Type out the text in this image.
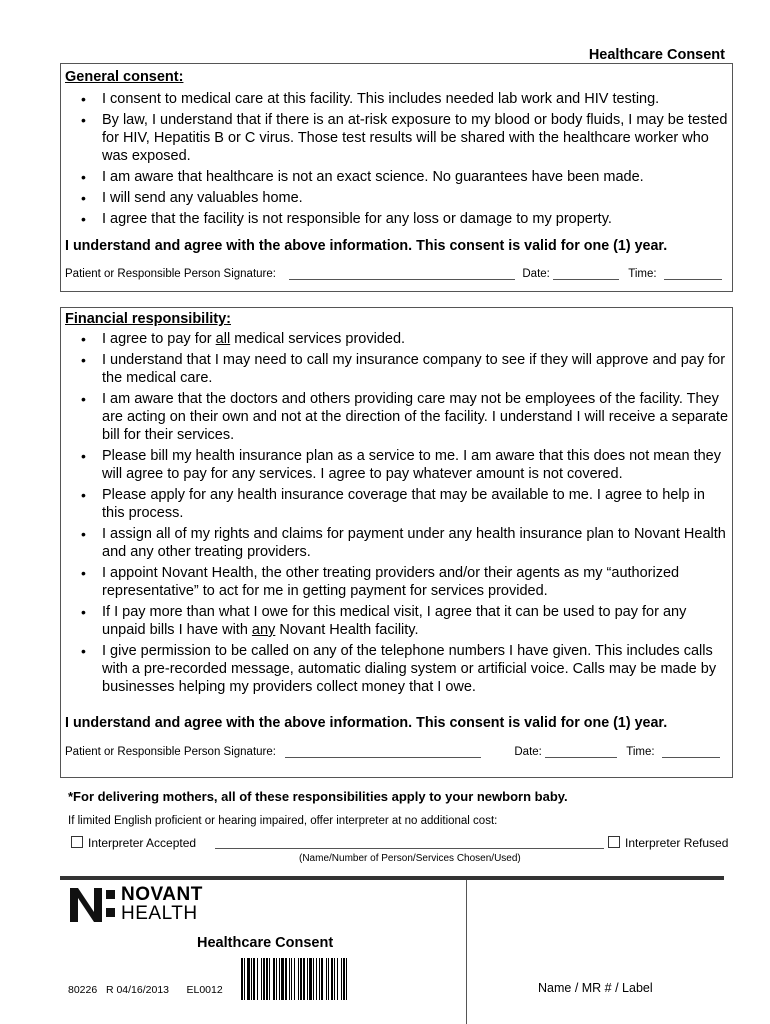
Healthcare Consent
General consent:
• I consent to medical care at this facility. This includes needed lab work and HIV testing.
• By law, I understand that if there is an at-risk exposure to my blood or body fluids, I may be tested for HIV, Hepatitis B or C virus. Those test results will be shared with the healthcare worker who was exposed.
• I am aware that healthcare is not an exact science. No guarantees have been made.
• I will send any valuables home.
• I agree that the facility is not responsible for any loss or damage to my property.
I understand and agree with the above information. This consent is valid for one (1) year.
Patient or Responsible Person Signature:	Date:	Time:
Financial responsibility:
• I agree to pay for all medical services provided.
• I understand that I may need to call my insurance company to see if they will approve and pay for the medical care.
• I am aware that the doctors and others providing care may not be employees of the facility. They are acting on their own and not at the direction of the facility. I understand I will receive a separate bill for their services.
• Please bill my health insurance plan as a service to me. I am aware that this does not mean they will agree to pay for any services. I agree to pay whatever amount is not covered.
• Please apply for any health insurance coverage that may be available to me. I agree to help in this process.
• I assign all of my rights and claims for payment under any health insurance plan to Novant Health and any other treating providers.
• I appoint Novant Health, the other treating providers and/or their agents as my “authorized representative” to act for me in getting payment for services provided.
• If I pay more than what I owe for this medical visit, I agree that it can be used to pay for any unpaid bills I have with any Novant Health facility.
• I give permission to be called on any of the telephone numbers I have given. This includes calls with a pre-recorded message, automatic dialing system or artificial voice. Calls may be made by businesses helping my providers collect money that I owe.
I understand and agree with the above information. This consent is valid for one (1) year.
Patient or Responsible Person Signature:	Date:	Time:
*For delivering mothers, all of these responsibilities apply to your newborn baby.
If limited English proficient or hearing impaired, offer interpreter at no additional cost:
Interpreter Accepted	Interpreter Refused
(Name/Number of Person/Services Chosen/Used)
NOVANT
HEALTH
Healthcare Consent
80226   R 04/16/2013      EL0012	Name / MR # / Label
